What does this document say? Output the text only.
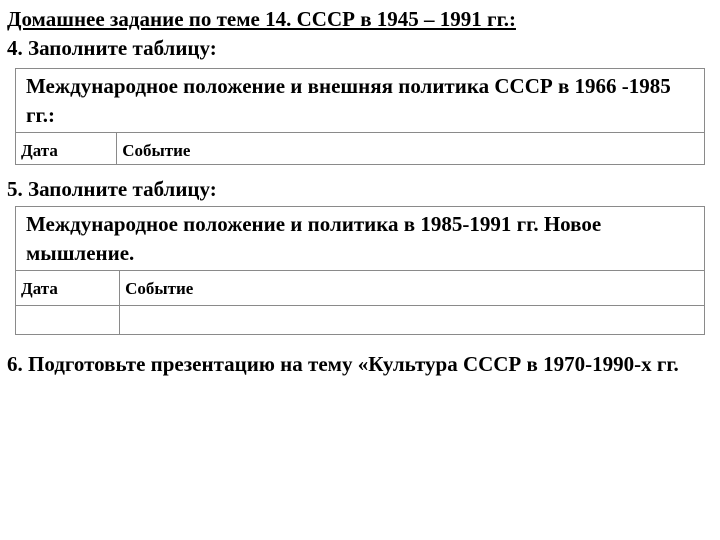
Домашнее задание по теме 14. СССР в 1945 – 1991 гг.:
4. Заполните таблицу:
Международное положение и внешняя политика СССР в 1966 -1985 гг.:
Дата	Событие
5. Заполните таблицу:
Международное положение и политика в 1985-1991 гг. Новое мышление.	
Дата	Событие

6. Подготовьте презентацию на тему «Культура СССР в 1970-1990-х гг.
